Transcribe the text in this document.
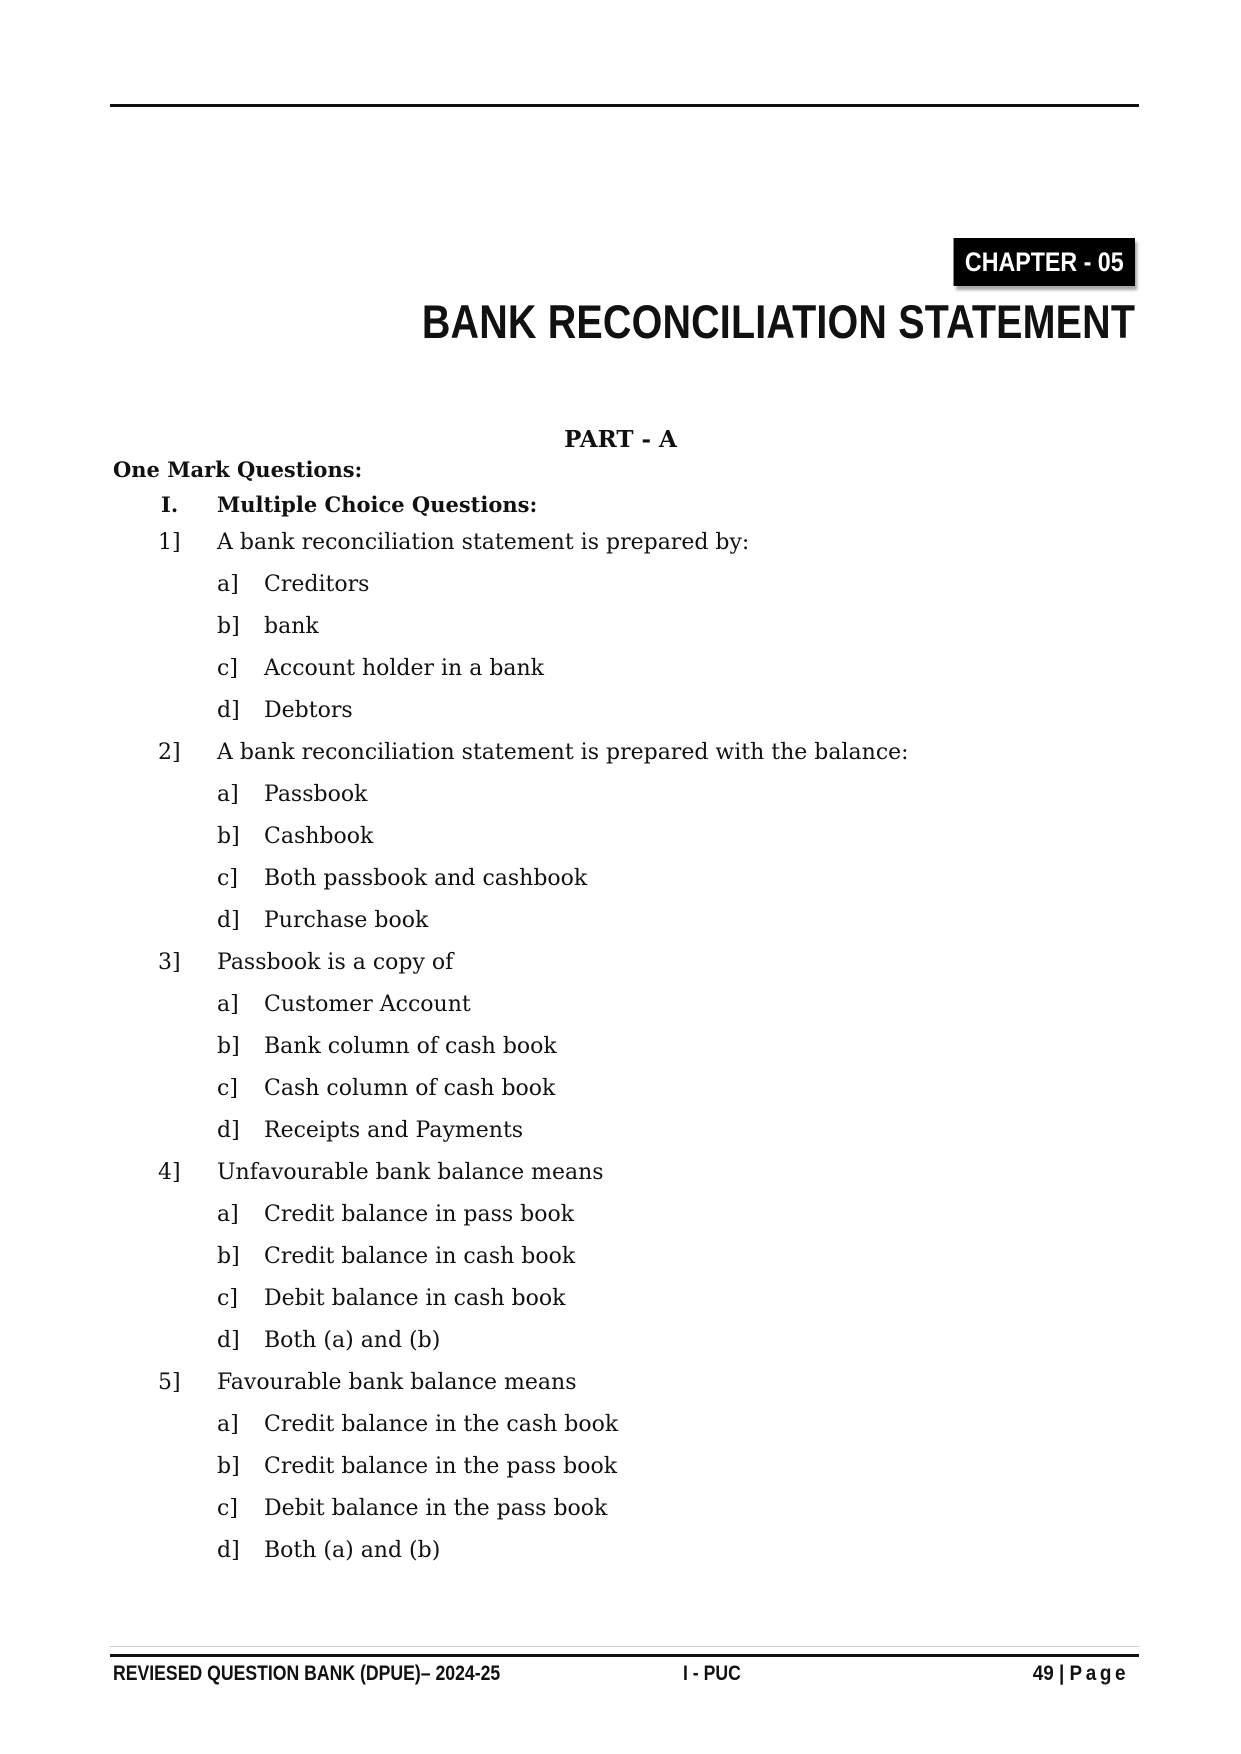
CHAPTER - 05
BANK RECONCILIATION STATEMENT
PART - A
One Mark Questions:
I. Multiple Choice Questions:
1] A bank reconciliation statement is prepared by:
a] Creditors
b] bank
c] Account holder in a bank
d] Debtors
2] A bank reconciliation statement is prepared with the balance:
a] Passbook
b] Cashbook
c] Both passbook and cashbook
d] Purchase book
3] Passbook is a copy of
a] Customer Account
b] Bank column of cash book
c] Cash column of cash book
d] Receipts and Payments
4] Unfavourable bank balance means
a] Credit balance in pass book
b] Credit balance in cash book
c] Debit balance in cash book
d] Both (a) and (b)
5] Favourable bank balance means
a] Credit balance in the cash book
b] Credit balance in the pass book
c] Debit balance in the pass book
d] Both (a) and (b)
REVIESED QUESTION BANK (DPUE)– 2024-25	I - PUC	49 | Page
